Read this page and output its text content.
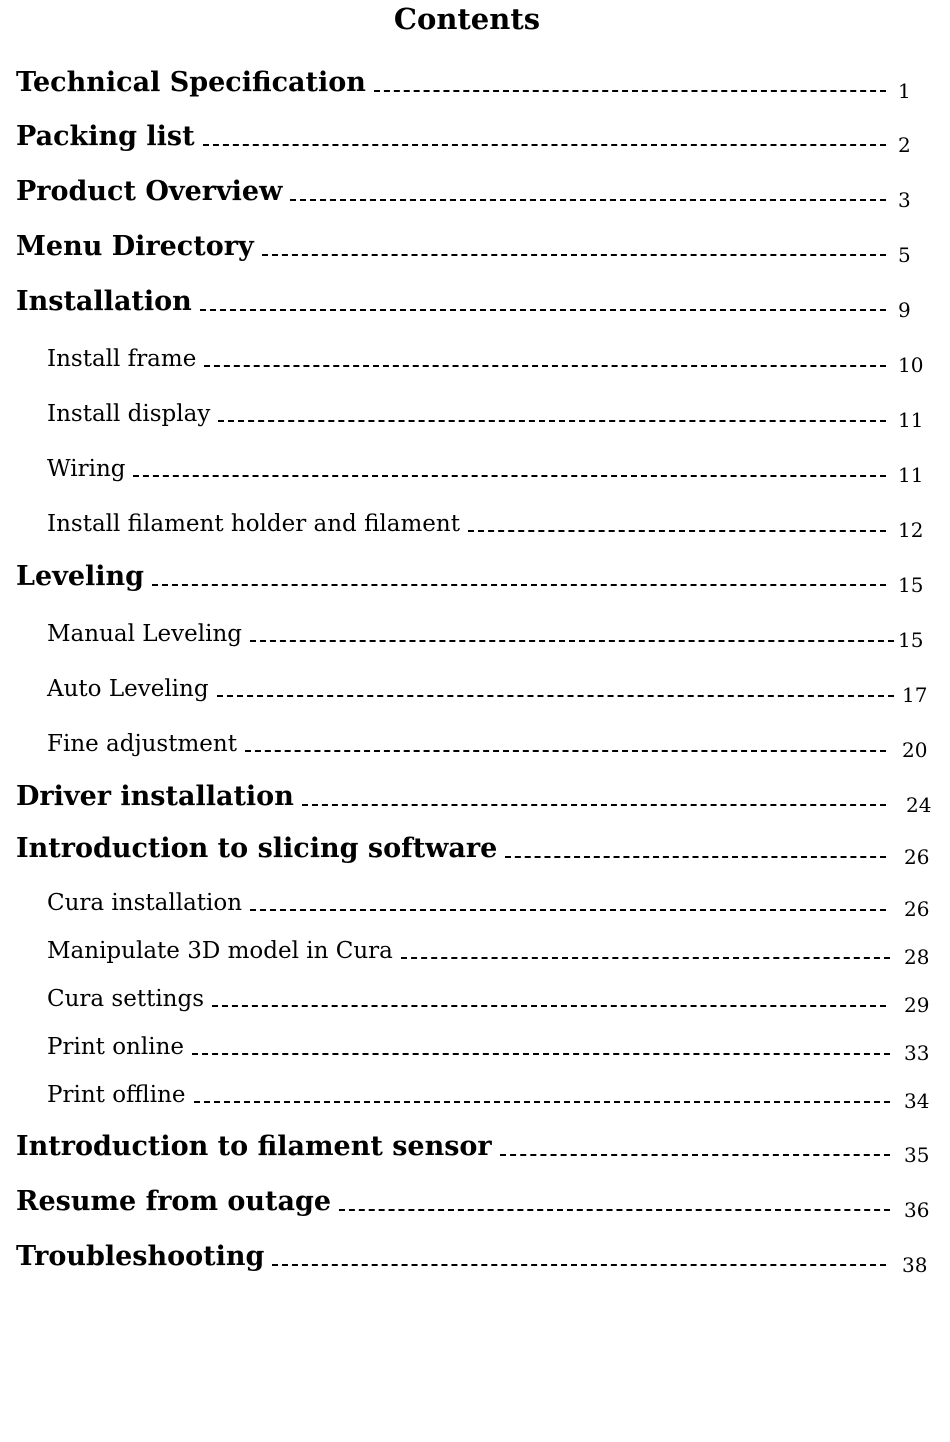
Contents
Technical Specification	1
Packing list	2
Product Overview	3
Menu Directory	5
Installation	9
Install frame	10
Install display	11
Wiring	11
Install filament holder and filament	12
Leveling	15
Manual Leveling	15
Auto Leveling	17
Fine adjustment	20
Driver installation	24
Introduction to slicing software	26
Cura installation	26
Manipulate 3D model in Cura	28
Cura settings	29
Print online	33
Print offline	34
Introduction to filament sensor	35
Resume from outage	36
Troubleshooting	38
